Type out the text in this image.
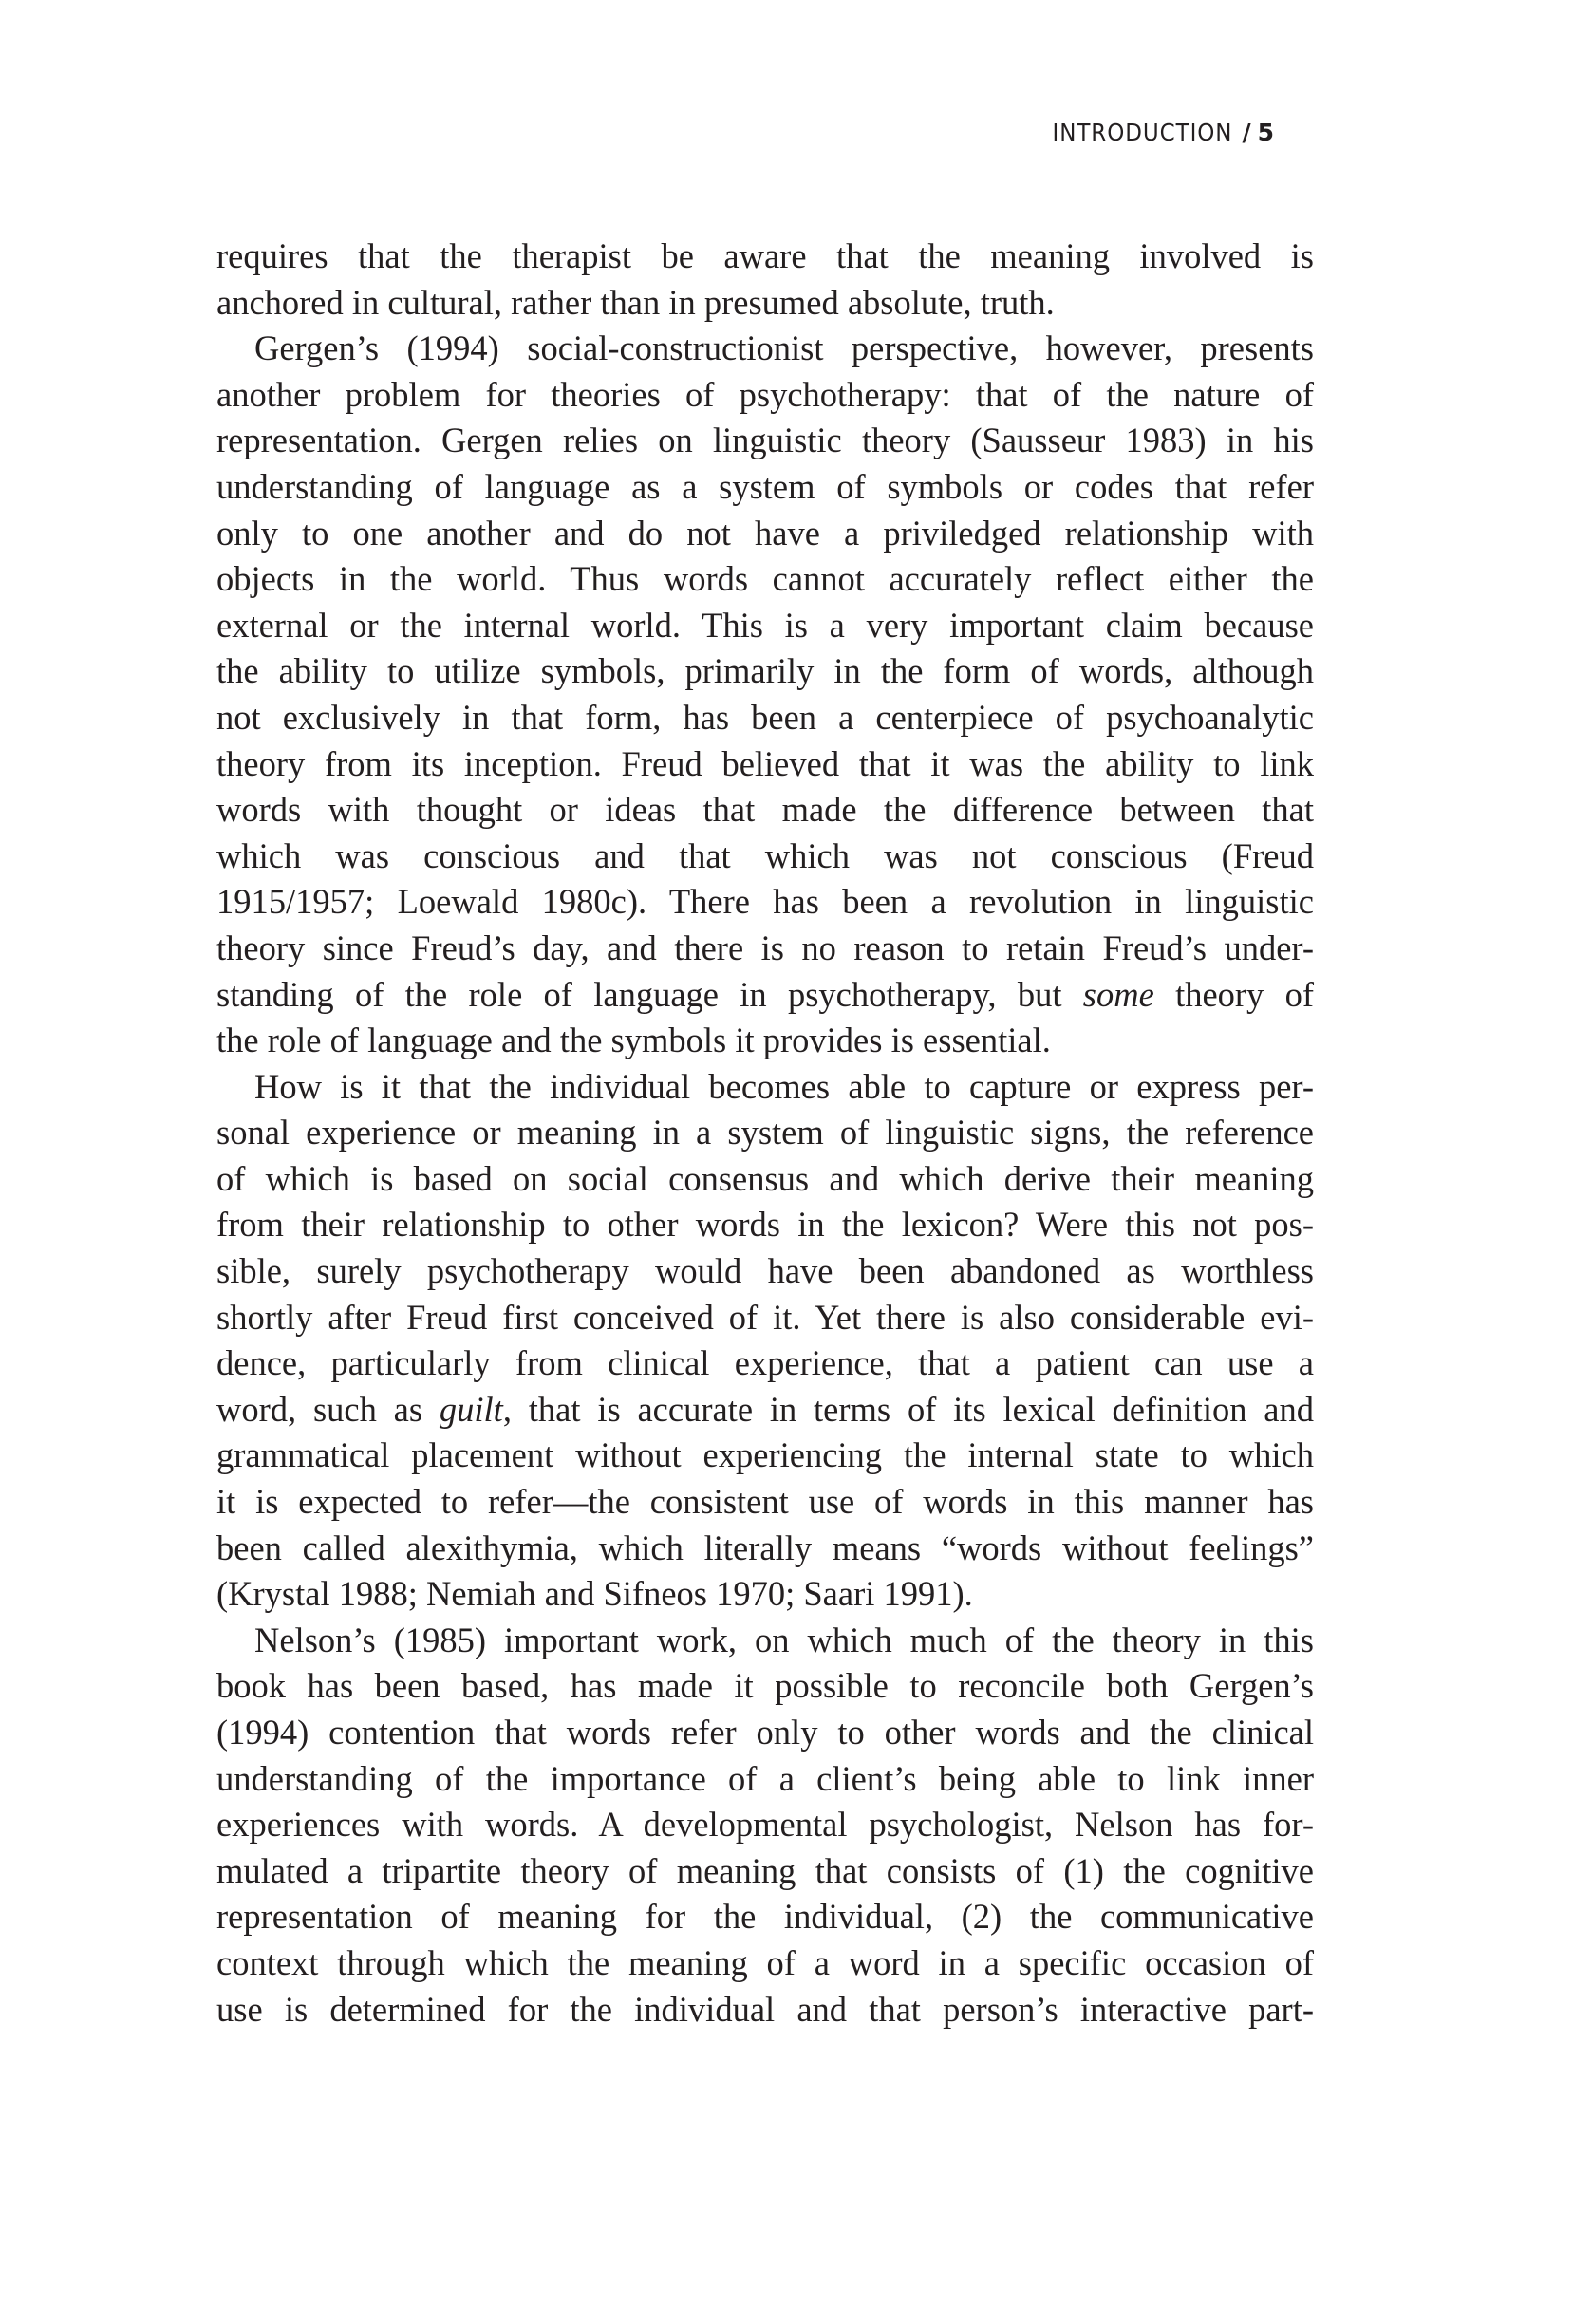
INTRODUCTION / 5
requires that the therapist be aware that the meaning involved is
anchored in cultural, rather than in presumed absolute, truth.
Gergen’s (1994) social-constructionist perspective, however, presents
another problem for theories of psychotherapy: that of the nature of
representation. Gergen relies on linguistic theory (Sausseur 1983) in his
understanding of language as a system of symbols or codes that refer
only to one another and do not have a priviledged relationship with
objects in the world. Thus words cannot accurately reflect either the
external or the internal world. This is a very important claim because
the ability to utilize symbols, primarily in the form of words, although
not exclusively in that form, has been a centerpiece of psychoanalytic
theory from its inception. Freud believed that it was the ability to link
words with thought or ideas that made the difference between that
which was conscious and that which was not conscious (Freud
1915/1957; Loewald 1980c). There has been a revolution in linguistic
theory since Freud’s day, and there is no reason to retain Freud’s under-
standing of the role of language in psychotherapy, but some theory of
the role of language and the symbols it provides is essential.
How is it that the individual becomes able to capture or express per-
sonal experience or meaning in a system of linguistic signs, the reference
of which is based on social consensus and which derive their meaning
from their relationship to other words in the lexicon? Were this not pos-
sible, surely psychotherapy would have been abandoned as worthless
shortly after Freud first conceived of it. Yet there is also considerable evi-
dence, particularly from clinical experience, that a patient can use a
word, such as guilt, that is accurate in terms of its lexical definition and
grammatical placement without experiencing the internal state to which
it is expected to refer—the consistent use of words in this manner has
been called alexithymia, which literally means “words without feelings”
(Krystal 1988; Nemiah and Sifneos 1970; Saari 1991).
Nelson’s (1985) important work, on which much of the theory in this
book has been based, has made it possible to reconcile both Gergen’s
(1994) contention that words refer only to other words and the clinical
understanding of the importance of a client’s being able to link inner
experiences with words. A developmental psychologist, Nelson has for-
mulated a tripartite theory of meaning that consists of (1) the cognitive
representation of meaning for the individual, (2) the communicative
context through which the meaning of a word in a specific occasion of
use is determined for the individual and that person’s interactive part-
